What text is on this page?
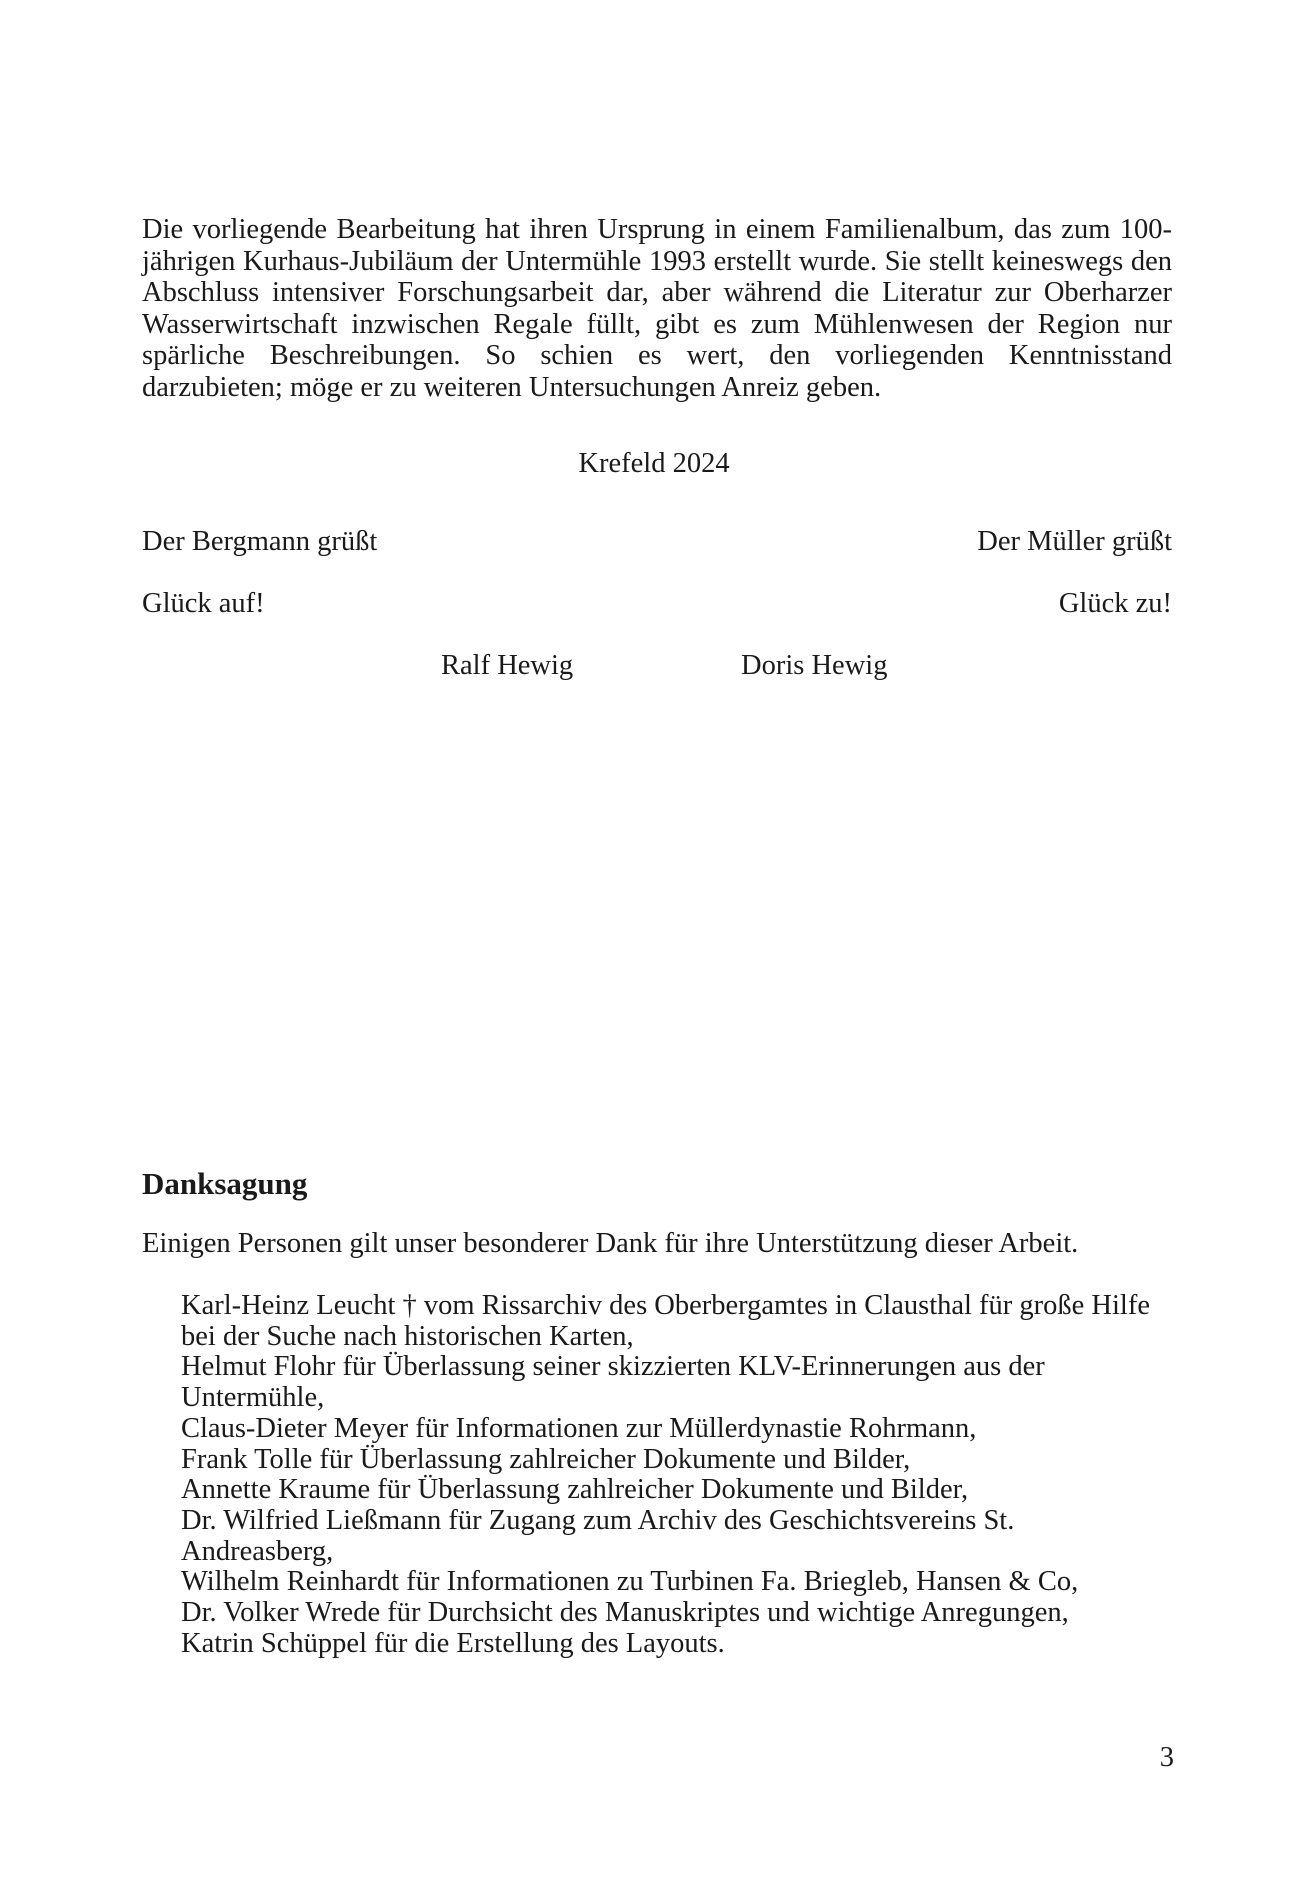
Die vorliegende Bearbeitung hat ihren Ursprung in einem Familienalbum, das zum 100-jährigen Kurhaus-Jubiläum der Untermühle 1993 erstellt wurde. Sie stellt keineswegs den Abschluss intensiver Forschungsarbeit dar, aber während die Literatur zur Oberharzer Wasserwirtschaft inzwischen Regale füllt, gibt es zum Mühlenwesen der Region nur spärliche Beschreibungen. So schien es wert, den vorliegenden Kenntnisstand darzubieten; möge er zu weiteren Untersuchungen Anreiz geben.

Krefeld 2024

Der Bergmann grüßt	Der Müller grüßt
Glück auf!	Glück zu!
Ralf Hewig	Doris Hewig
Danksagung

Einigen Personen gilt unser besonderer Dank für ihre Unterstützung dieser Arbeit.

Karl-Heinz Leucht † vom Rissarchiv des Oberbergamtes in Clausthal für große Hilfe bei der Suche nach historischen Karten,
Helmut Flohr für Überlassung seiner skizzierten KLV-Erinnerungen aus der Untermühle,
Claus-Dieter Meyer für Informationen zur Müllerdynastie Rohrmann,
Frank Tolle für Überlassung zahlreicher Dokumente und Bilder,
Annette Kraume für Überlassung zahlreicher Dokumente und Bilder,
Dr. Wilfried Ließmann für Zugang zum Archiv des Geschichtsvereins St. Andreasberg,
Wilhelm Reinhardt für Informationen zu Turbinen Fa. Briegleb, Hansen & Co,
Dr. Volker Wrede für Durchsicht des Manuskriptes und wichtige Anregungen,
Katrin Schüppel für die Erstellung des Layouts.
3
